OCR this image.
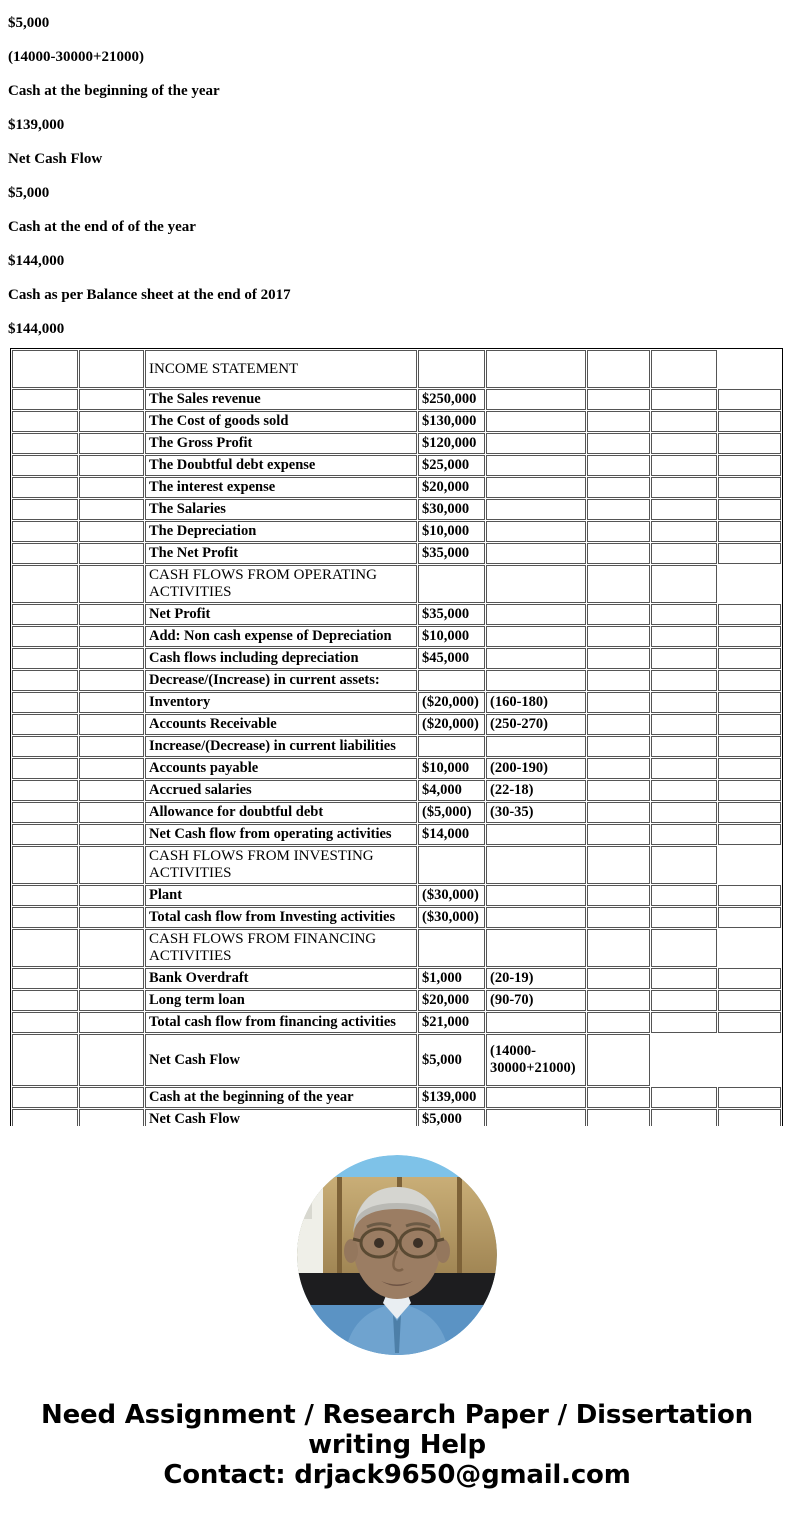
$5,000

(14000-30000+21000)

Cash at the beginning of the year

$139,000

Net Cash Flow

$5,000

Cash at the end of of the year

$144,000

Cash as per Balance sheet at the end of 2017

$144,000

		INCOME STATEMENT					
		The Sales revenue	$250,000				
		The Cost of goods sold	$130,000				
		The Gross Profit	$120,000				
		The Doubtful debt expense	$25,000				
		The interest expense	$20,000				
		The Salaries	$30,000				
		The Depreciation	$10,000				
		The Net Profit	$35,000				
		CASH FLOWS FROM OPERATING ACTIVITIES					
		Net Profit	$35,000				
		Add: Non cash expense of Depreciation	$10,000				
		Cash flows including depreciation	$45,000				
		Decrease/(Increase) in current assets:					
		Inventory	($20,000)	(160-180)			
		Accounts Receivable	($20,000)	(250-270)			
		Increase/(Decrease) in current liabilities					
		Accounts payable	$10,000	(200-190)			
		Accrued salaries	$4,000	(22-18)			
		Allowance for doubtful debt	($5,000)	(30-35)			
		Net Cash flow from operating activities	$14,000				
		CASH FLOWS FROM INVESTING ACTIVITIES					
		Plant	($30,000)				
		Total cash flow from Investing activities	($30,000)				
		CASH FLOWS FROM FINANCING ACTIVITIES					
		Bank Overdraft	$1,000	(20-19)			
		Long term loan	$20,000	(90-70)			
		Total cash flow from financing activities	$21,000				
		Net Cash Flow	$5,000	(14000-30000+21000)			
		Cash at the beginning of the year	$139,000				
		Net Cash Flow	$5,000				
Need Assignment / Research Paper / Dissertation
writing Help
Contact: drjack9650@gmail.com
